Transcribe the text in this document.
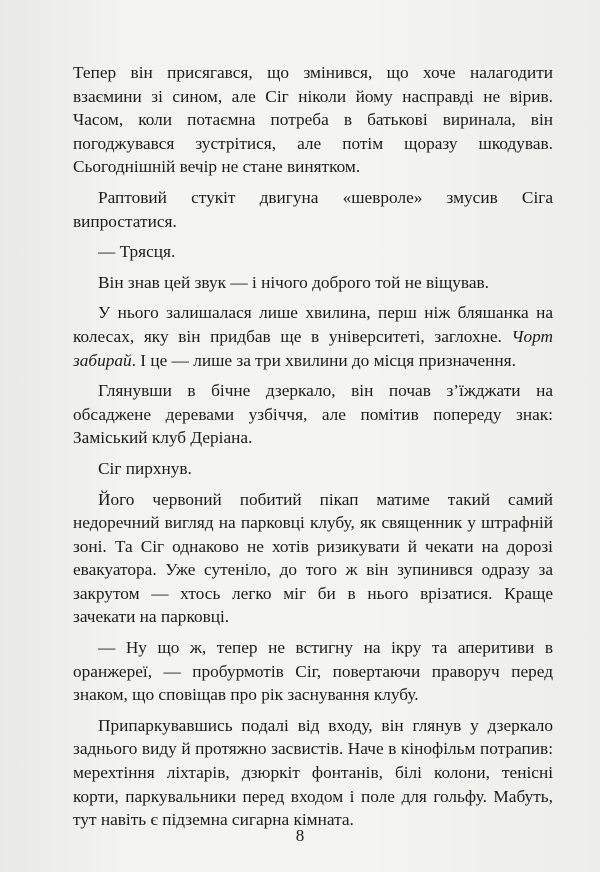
Тепер він присягався, що змінився, що хоче налагодити взаємини зі сином, але Сіг ніколи йому насправді не вірив. Часом, коли потаємна потреба в батькові виринала, він погоджувався зустрітися, але потім щоразу шкодував. Сьогоднішній вечір не стане винятком.

Раптовий стукіт двигуна «шевроле» змусив Сіга випростатися.

— Трясця.

Він знав цей звук — і нічого доброго той не віщував.

У нього залишалася лише хвилина, перш ніж бляшанка на колесах, яку він придбав ще в університеті, заглохне. Чорт забирай. І це — лише за три хвилини до місця призначення.

Глянувши в бічне дзеркало, він почав з’їжджати на обсаджене деревами узбіччя, але помітив попереду знак: Заміський клуб Деріана.

Сіг пирхнув.

Його червоний побитий пікап матиме такий самий недоречний вигляд на парковці клубу, як священник у штрафній зоні. Та Сіг однаково не хотів ризикувати й чекати на дорозі евакуатора. Уже сутеніло, до того ж він зупинився одразу за закрутом — хтось легко міг би в нього врізатися. Краще зачекати на парковці.

— Ну що ж, тепер не встигну на ікру та аперитиви в оранжереї, — пробурмотів Сіг, повертаючи праворуч перед знаком, що сповіщав про рік заснування клубу.

Припаркувавшись подалі від входу, він глянув у дзеркало заднього виду й протяжно засвистів. Наче в кінофільм потрапив: мерехтіння ліхтарів, дзюркіт фонтанів, білі колони, тенісні корти, паркувальники перед входом і поле для гольфу. Мабуть, тут навіть є підземна сигарна кімната.

8
